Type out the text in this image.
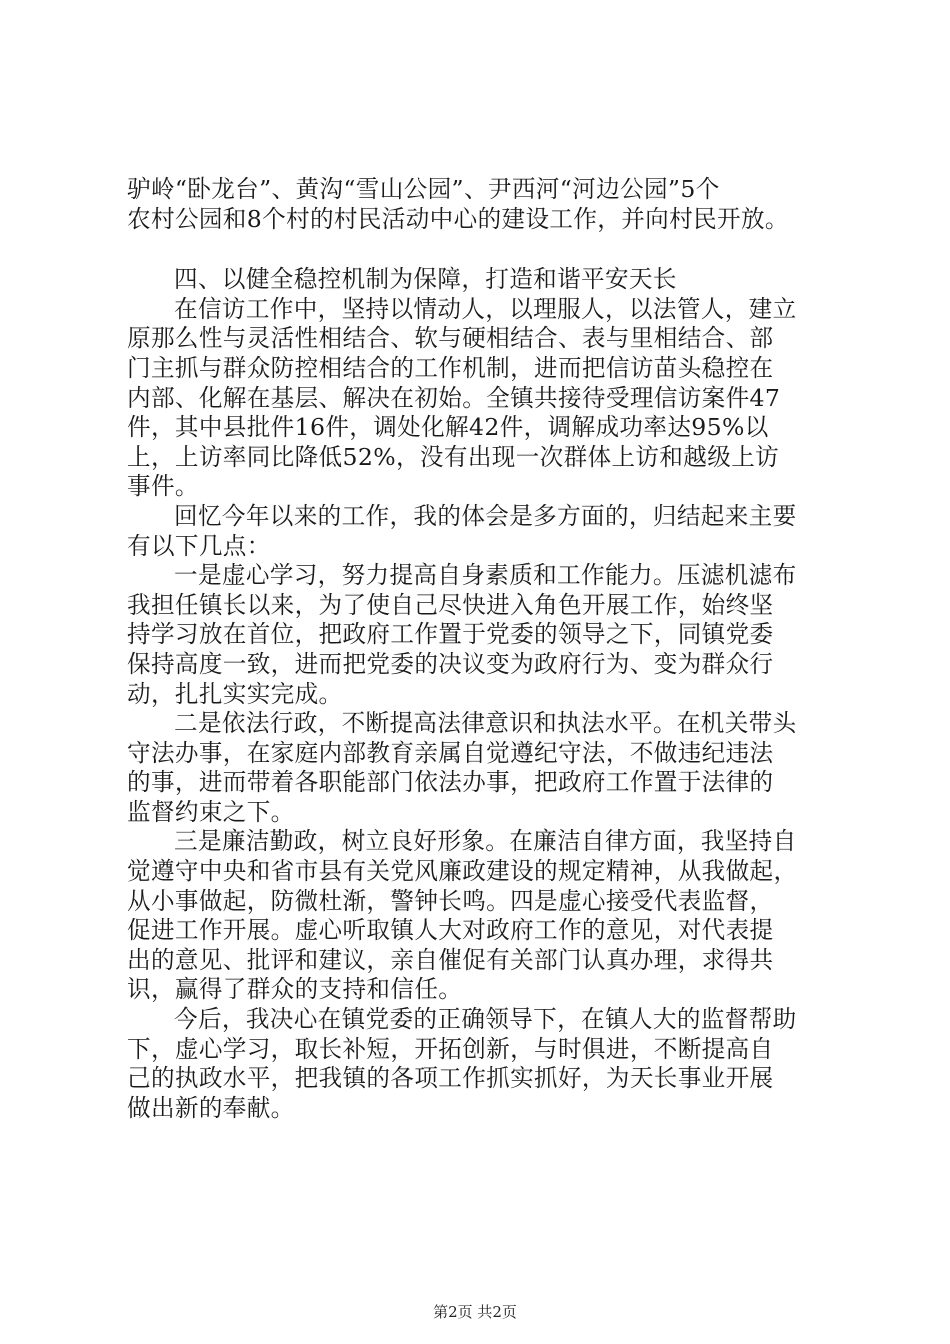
驴岭“卧龙台”、黄沟“雪山公园”、尹西河“河边公园”5个
农村公园和8个村的村民活动中心的建设工作，并向村民开放。
四、以健全稳控机制为保障，打造和谐平安天长
在信访工作中，坚持以情动人，以理服人，以法管人，建立
原那么性与灵活性相结合、软与硬相结合、表与里相结合、部
门主抓与群众防控相结合的工作机制，进而把信访苗头稳控在
内部、化解在基层、解决在初始。全镇共接待受理信访案件47
件，其中县批件16件，调处化解42件，调解成功率达95%以
上，上访率同比降低52%，没有出现一次群体上访和越级上访
事件。
回忆今年以来的工作，我的体会是多方面的，归结起来主要
有以下几点：
一是虚心学习，努力提高自身素质和工作能力。压滤机滤布
我担任镇长以来，为了使自己尽快进入角色开展工作，始终坚
持学习放在首位，把政府工作置于党委的领导之下，同镇党委
保持高度一致，进而把党委的决议变为政府行为、变为群众行
动，扎扎实实完成。
二是依法行政，不断提高法律意识和执法水平。在机关带头
守法办事，在家庭内部教育亲属自觉遵纪守法，不做违纪违法
的事，进而带着各职能部门依法办事，把政府工作置于法律的
监督约束之下。
三是廉洁勤政，树立良好形象。在廉洁自律方面，我坚持自
觉遵守中央和省市县有关党风廉政建设的规定精神，从我做起，
从小事做起，防微杜渐，警钟长鸣。四是虚心接受代表监督，
促进工作开展。虚心听取镇人大对政府工作的意见，对代表提
出的意见、批评和建议，亲自催促有关部门认真办理，求得共
识，赢得了群众的支持和信任。
今后，我决心在镇党委的正确领导下，在镇人大的监督帮助
下，虚心学习，取长补短，开拓创新，与时俱进，不断提高自
己的执政水平，把我镇的各项工作抓实抓好，为天长事业开展
做出新的奉献。
第2页 共2页
